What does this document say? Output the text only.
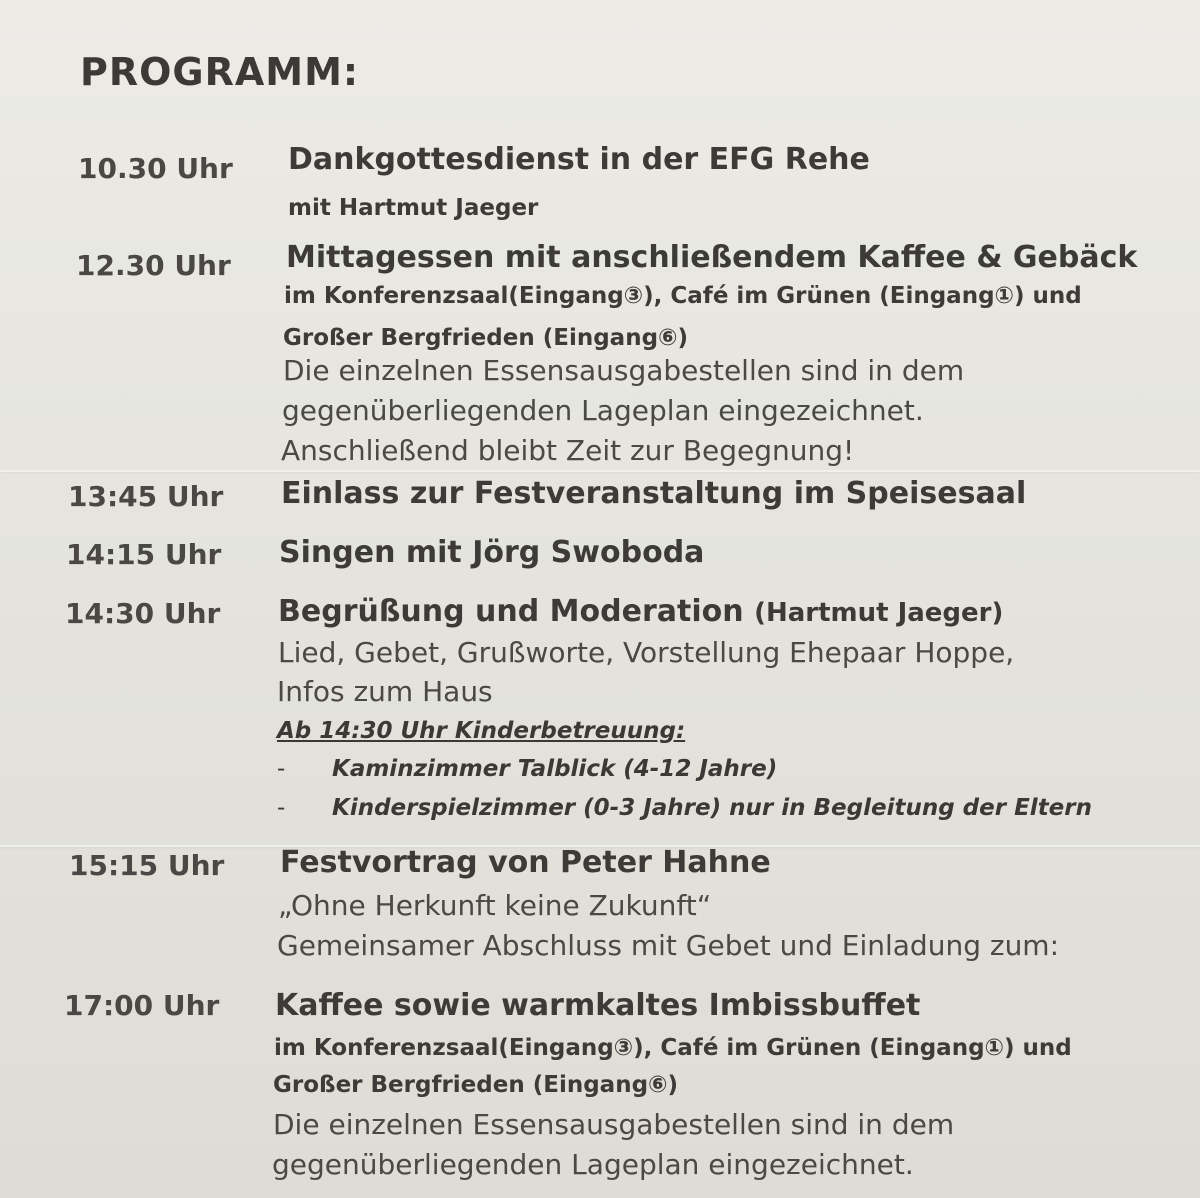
PROGRAMM:

10.30 Uhr Dankgottesdienst in der EFG Rehe

mit Hartmut Jaeger

12.30 Uhr Mittagessen mit anschließendem Kaffee & Gebäck

im Konferenzsaal(Eingang③), Café im Grünen (Eingang①) und

Großer Bergfrieden (Eingang⑥)

Die einzelnen Essensausgabestellen sind in dem

gegenüberliegenden Lageplan eingezeichnet.

Anschließend bleibt Zeit zur Begegnung!

13:45 Uhr Einlass zur Festveranstaltung im Speisesaal

14:15 Uhr Singen mit Jörg Swoboda

14:30 Uhr Begrüßung und Moderation (Hartmut Jaeger)

Lied, Gebet, Grußworte, Vorstellung Ehepaar Hoppe,

Infos zum Haus

Ab 14:30 Uhr Kinderbetreuung:

- Kaminzimmer Talblick (4-12 Jahre)
- Kinderspielzimmer (0-3 Jahre) nur in Begleitung der Eltern

15:15 Uhr Festvortrag von Peter Hahne

„Ohne Herkunft keine Zukunft“

Gemeinsamer Abschluss mit Gebet und Einladung zum:

17:00 Uhr Kaffee sowie warmkaltes Imbissbuffet

im Konferenzsaal(Eingang③), Café im Grünen (Eingang①) und

Großer Bergfrieden (Eingang⑥)

Die einzelnen Essensausgabestellen sind in dem

gegenüberliegenden Lageplan eingezeichnet.
